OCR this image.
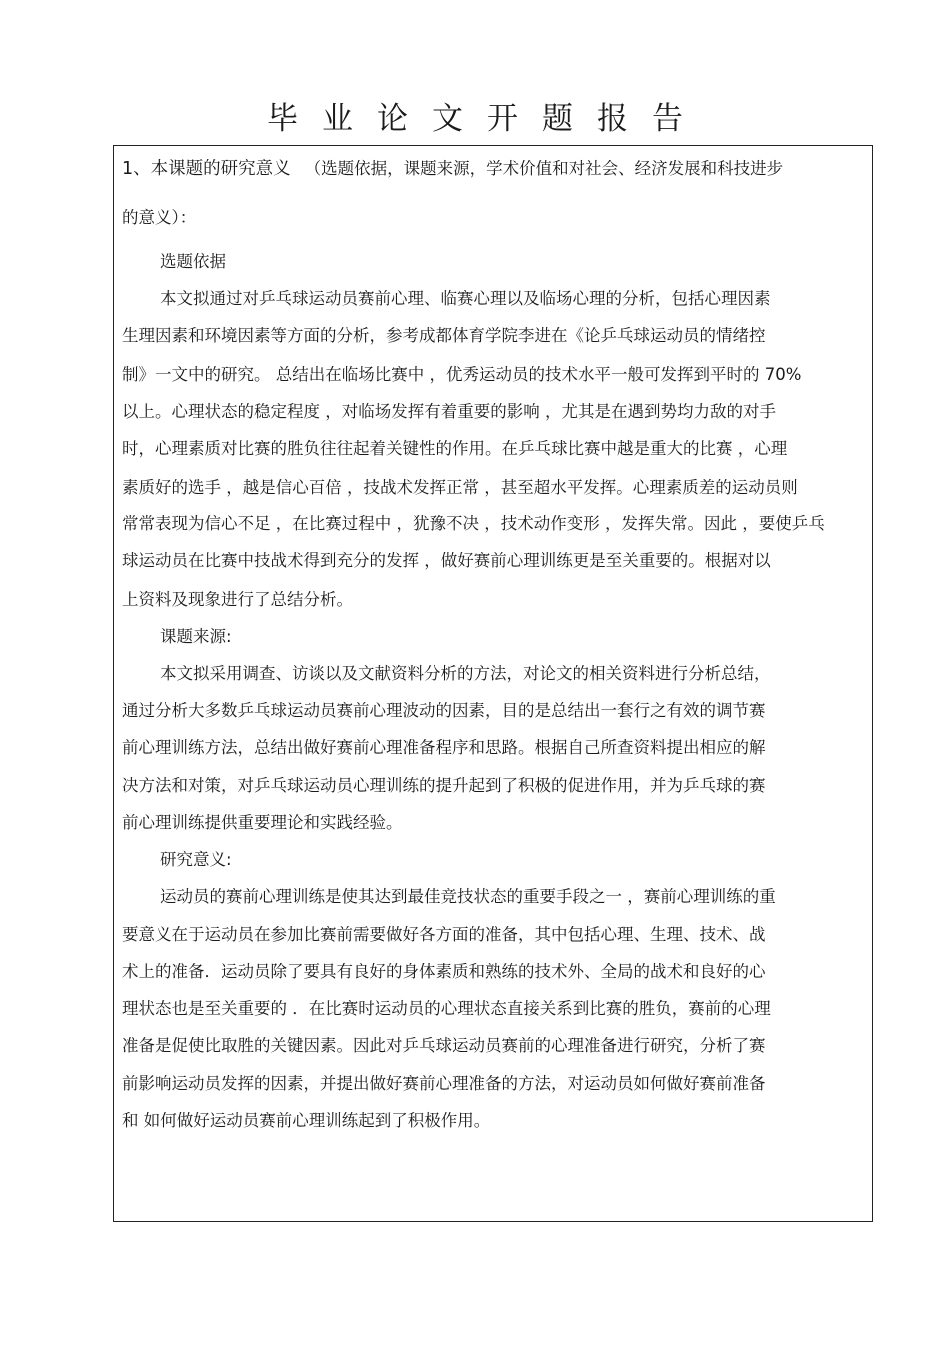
毕业论文开题报告
1、本课题的研究意义 （选题依据，课题来源，学术价值和对社会、经济发展和科技进步
的意义）：
选题依据
本文拟通过对乒乓球运动员赛前心理、临赛心理以及临场心理的分析，包括心理因素
生理因素和环境因素等方面的分析，参考成都体育学院李进在《论乒乓球运动员的情绪控
制》一文中的研究。 总结出在临场比赛中 ，优秀运动员的技术水平一般可发挥到平时的 70%
以上。心理状态的稳定程度 ，对临场发挥有着重要的影响 ，尤其是在遇到势均力敌的对手
时，心理素质对比赛的胜负往往起着关键性的作用。在乒乓球比赛中越是重大的比赛 ，心理
素质好的选手 ，越是信心百倍 ，技战术发挥正常 ，甚至超水平发挥。心理素质差的运动员则
常常表现为信心不足 ，在比赛过程中 ，犹豫不决 ，技术动作变形 ，发挥失常。因此 ，要使乒乓
球运动员在比赛中技战术得到充分的发挥 ，做好赛前心理训练更是至关重要的。根据对以
上资料及现象进行了总结分析。
课题来源:
本文拟采用调查、访谈以及文献资料分析的方法，对论文的相关资料进行分析总结，
通过分析大多数乒乓球运动员赛前心理波动的因素，目的是总结出一套行之有效的调节赛
前心理训练方法，总结出做好赛前心理准备程序和思路。根据自己所查资料提出相应的解
决方法和对策，对乒乓球运动员心理训练的提升起到了积极的促进作用，并为乒乓球的赛
前心理训练提供重要理论和实践经验。
研究意义:
运动员的赛前心理训练是使其达到最佳竞技状态的重要手段之一 ，赛前心理训练的重
要意义在于运动员在参加比赛前需要做好各方面的准备，其中包括心理、生理、技术、战
术上的准备．运动员除了要具有良好的身体素质和熟练的技术外、全局的战术和良好的心
理状态也是至关重要的 ．在比赛时运动员的心理状态直接关系到比赛的胜负，赛前的心理
准备是促使比取胜的关键因素。因此对乒乓球运动员赛前的心理准备进行研究，分析了赛
前影响运动员发挥的因素，并提出做好赛前心理准备的方法，对运动员如何做好赛前准备
和 如何做好运动员赛前心理训练起到了积极作用。
